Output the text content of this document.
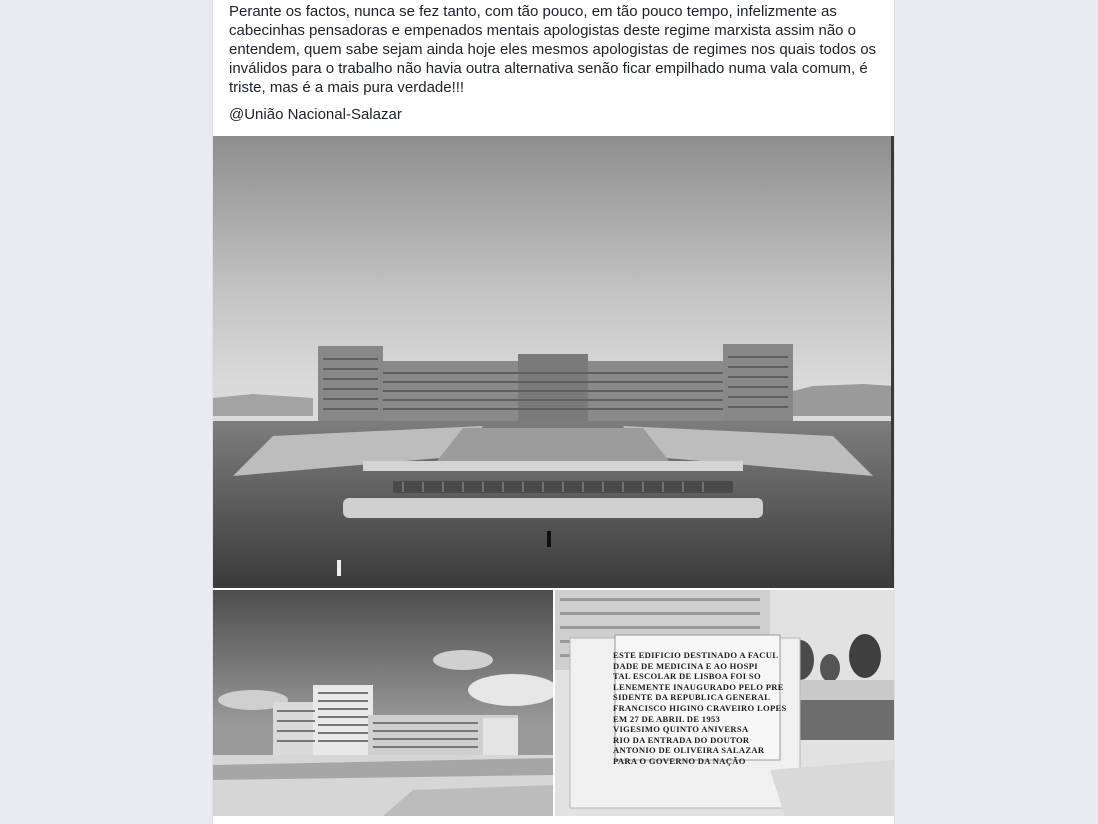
Perante os factos, nunca se fez tanto, com tão pouco, em tão pouco tempo, infelizmente as cabecinhas pensadoras e empenados mentais apologistas deste regime marxista assim não o entendem, quem sabe sejam ainda hoje eles mesmos apologistas de regimes nos quais todos os inválidos para o trabalho não havia outra alternativa senão ficar empilhado numa vala comum, é triste, mas é a mais pura verdade!!!

@União Nacional-Salazar
ESTE EDIFICIO DESTINADO A FACUL
DADE DE MEDICINA E AO HOSPI
TAL ESCOLAR DE LISBOA FOI SO
LENEMENTE INAUGURADO PELO PRE
SIDENTE DA REPUBLICA GENERAL
FRANCISCO HIGINO CRAVEIRO LOPES
EM 27 DE ABRIL DE 1953
VIGESIMO QUINTO ANIVERSA
RIO DA ENTRADA DO DOUTOR
ANTONIO DE OLIVEIRA SALAZAR
PARA O GOVERNO DA NAÇÃO
